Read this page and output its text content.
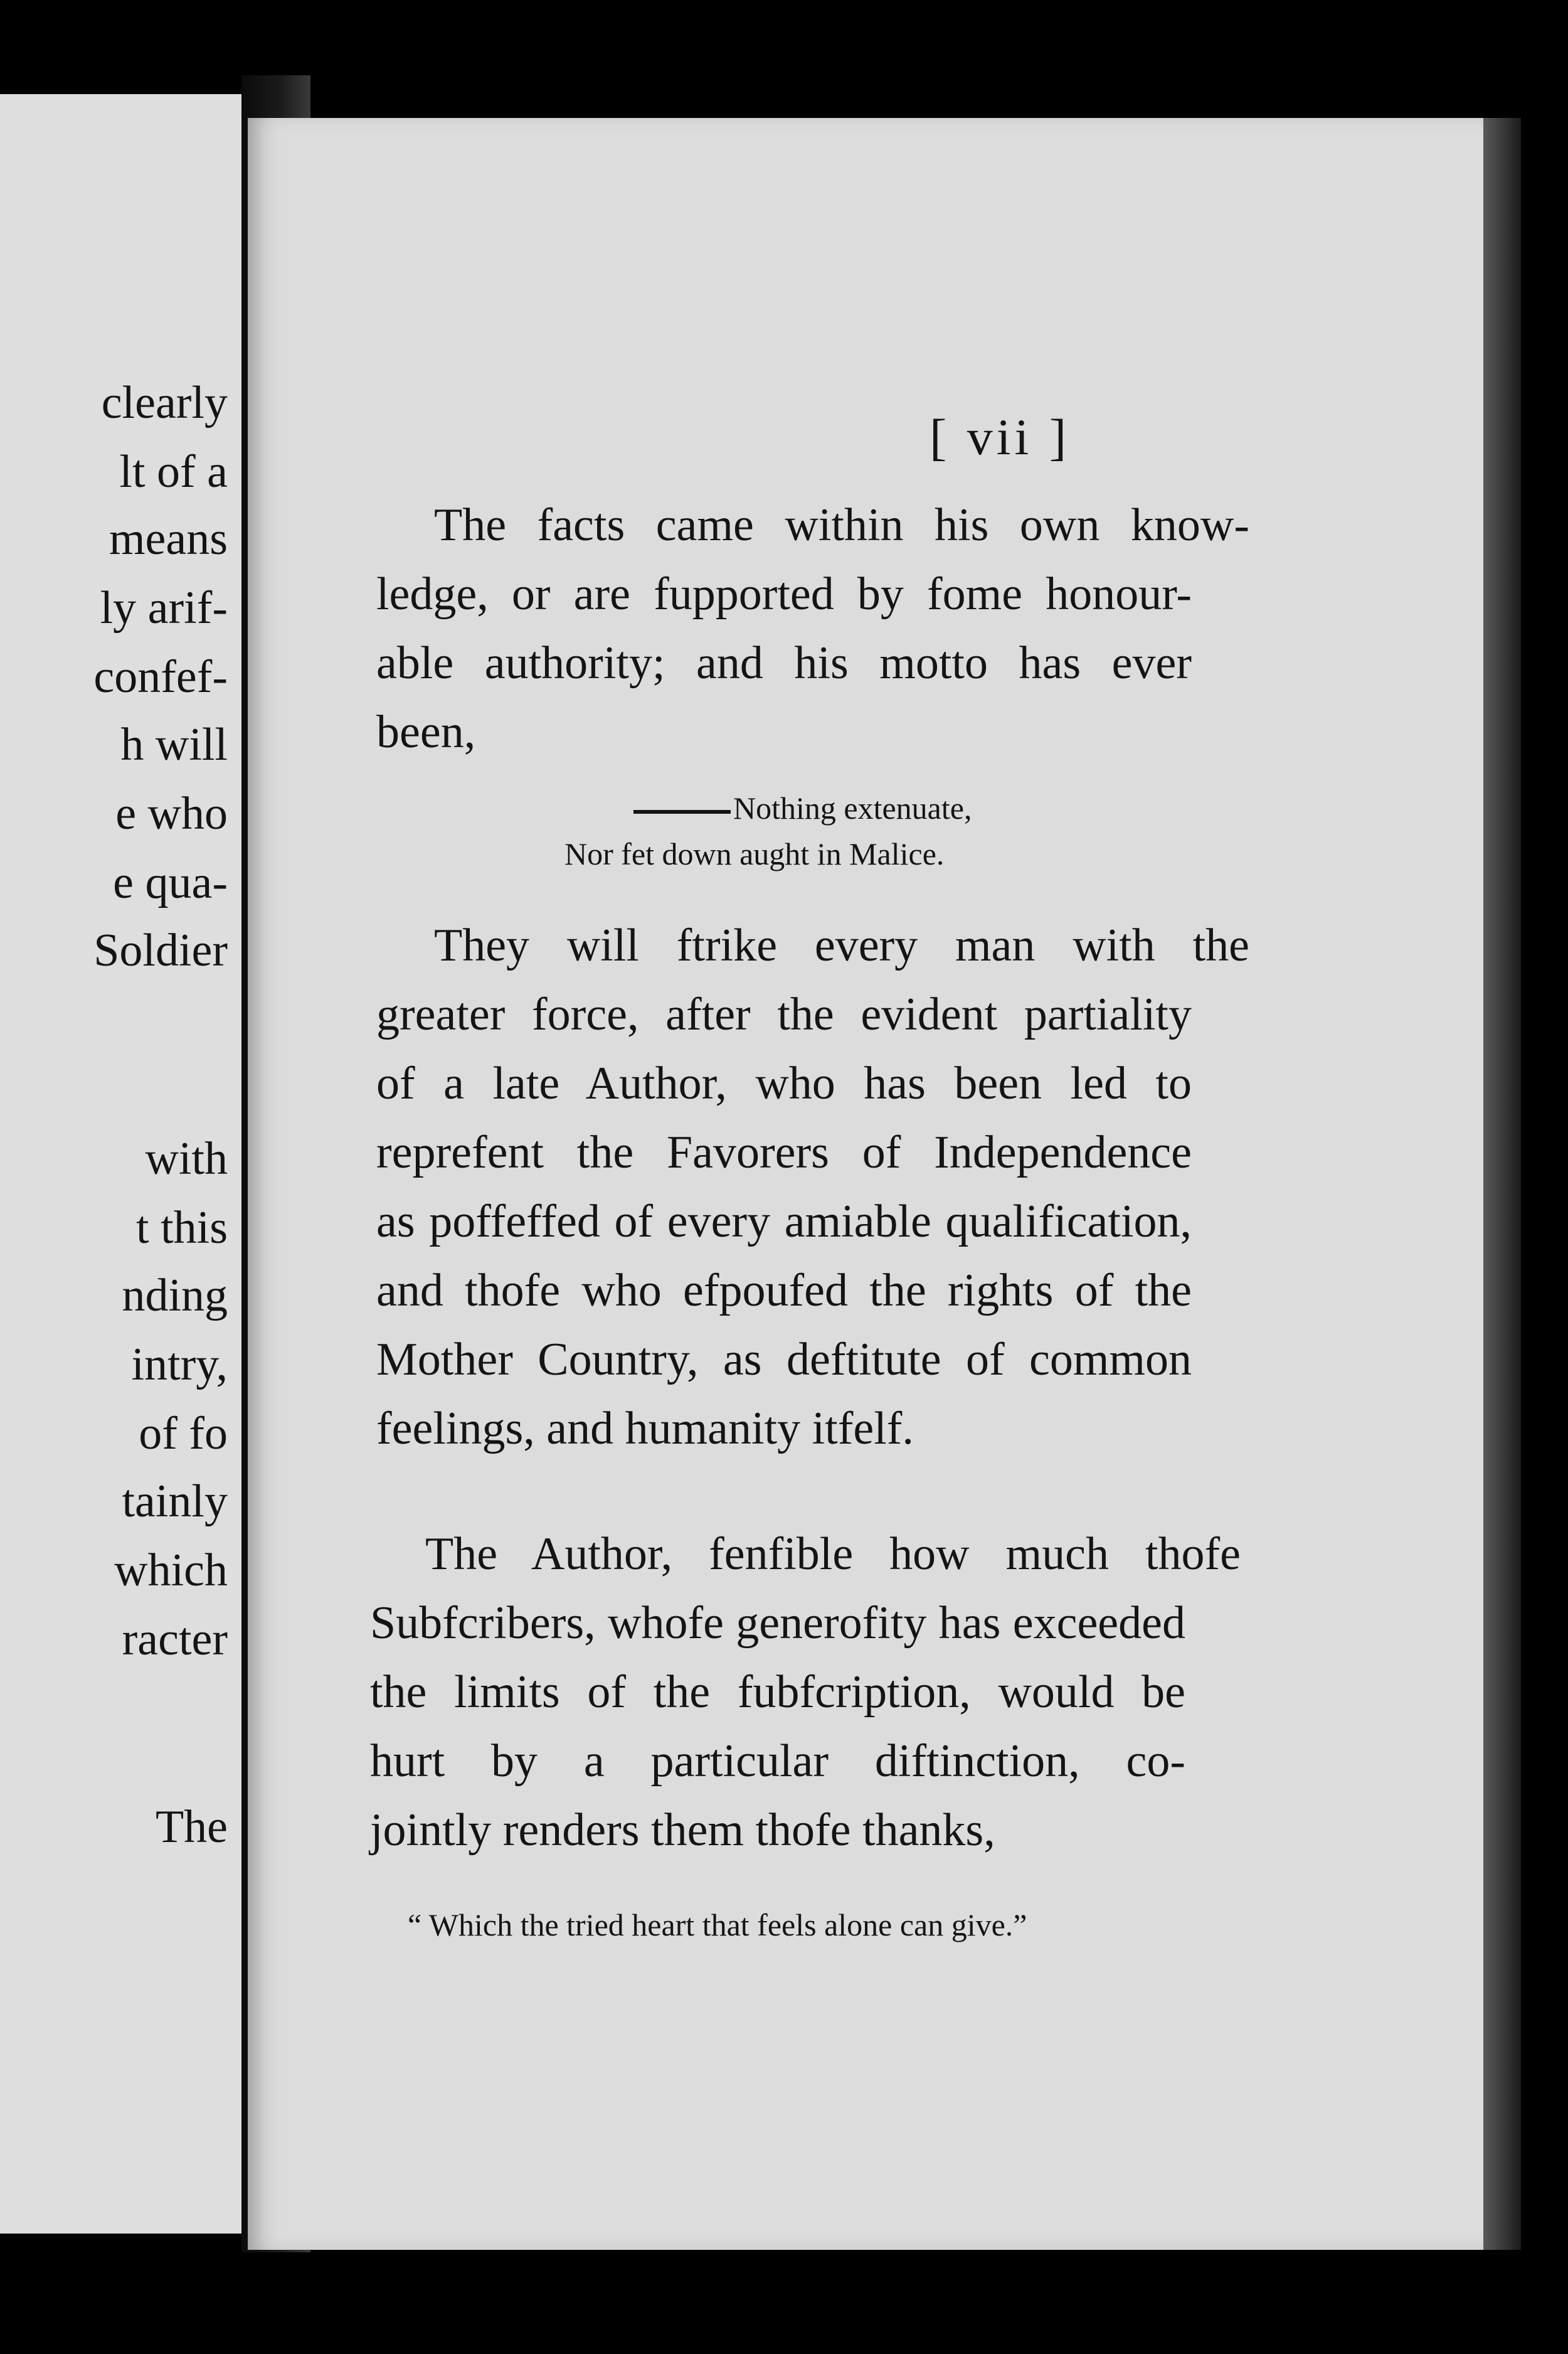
clearly
lt of a
means
ly arif-
confef-
h will
e who
e qua-
Soldier
with
t this
nding
intry,
of fo
tainly
which
racter
The
[ vii ]
The facts came within his own know-
ledge, or are fupported by fome honour-
able authority; and his motto has ever
been,
Nothing extenuate,
Nor fet down aught in Malice.
They will ftrike every man with the
greater force, after the evident partiality
of a late Author, who has been led to
reprefent the Favorers of Independence
as poffeffed of every amiable qualification,
and thofe who efpoufed the rights of the
Mother Country, as deftitute of common
feelings, and humanity itfelf.
The Author, fenfible how much thofe
Subfcribers, whofe generofity has exceeded
the limits of the fubfcription, would be
hurt by a particular diftinction, co-
jointly renders them thofe thanks,
“ Which the tried heart that feels alone can give.”
